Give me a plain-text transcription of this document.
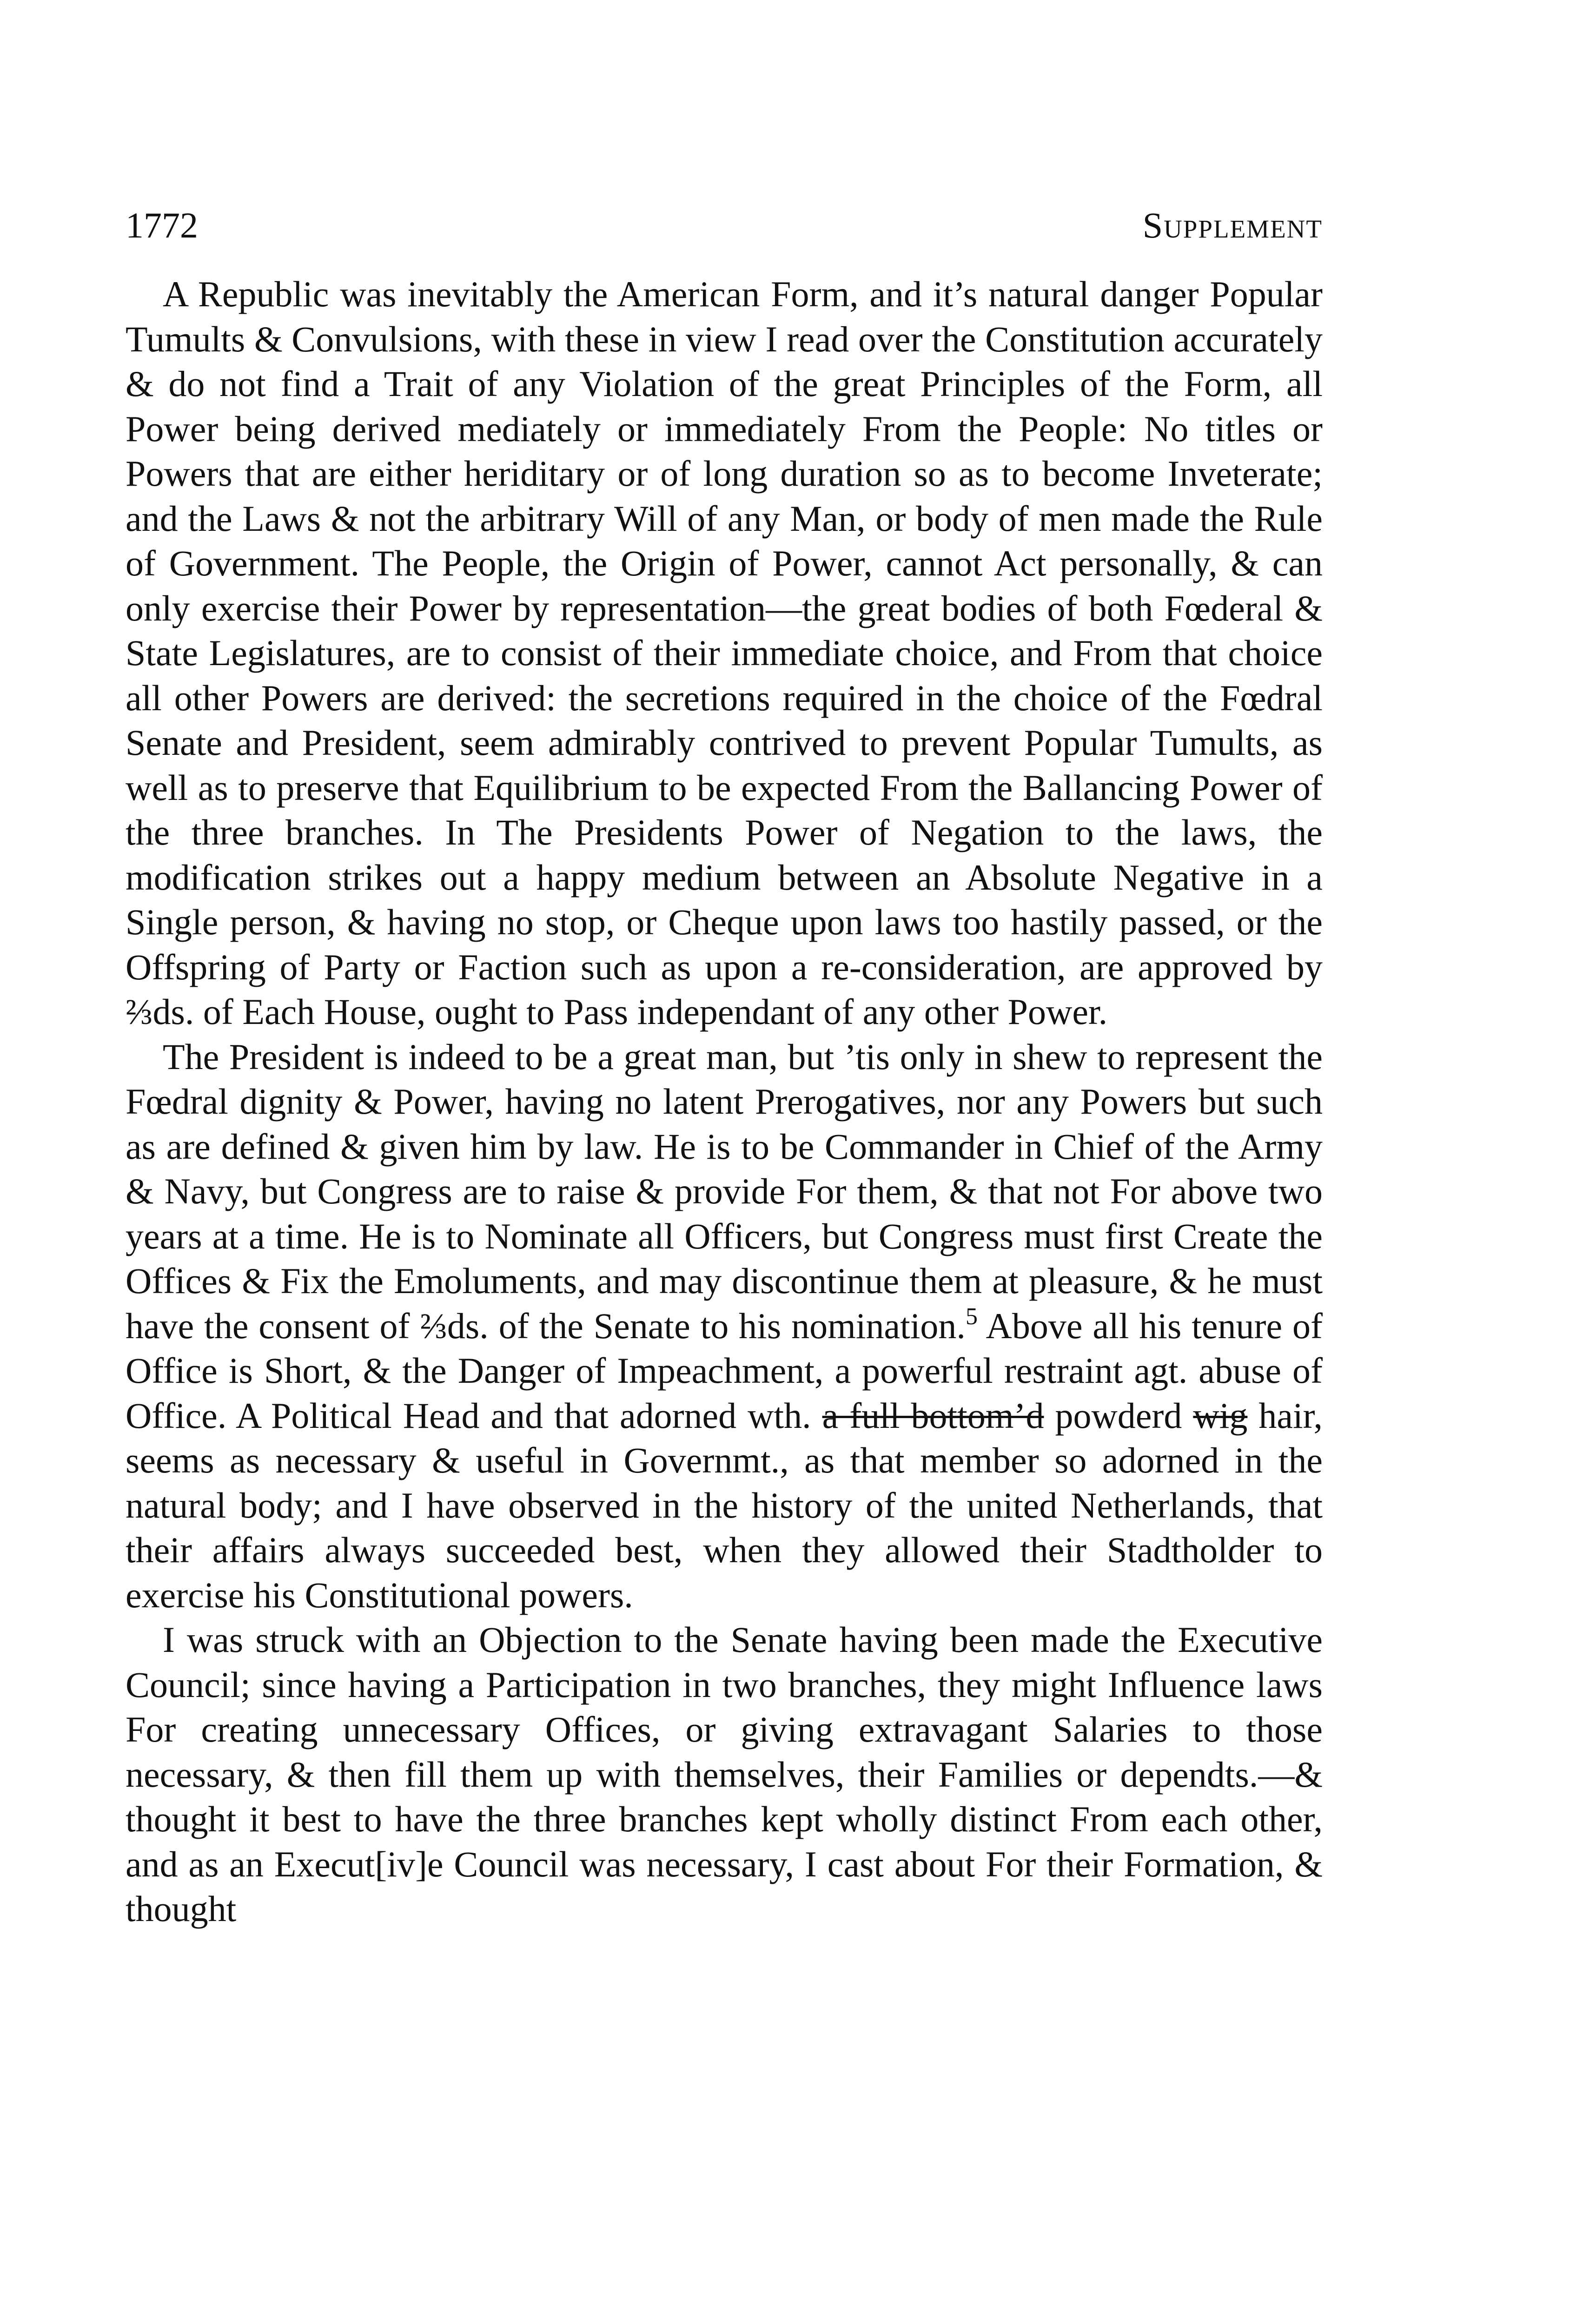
1772	Supplement

A Republic was inevitably the American Form, and it’s natural danger Popular Tumults & Convulsions, with these in view I read over the Constitution accurately & do not find a Trait of any Violation of the great Principles of the Form, all Power being derived mediately or immediately From the People: No titles or Powers that are either heriditary or of long duration so as to become Inveterate; and the Laws & not the arbitrary Will of any Man, or body of men made the Rule of Government. The People, the Origin of Power, cannot Act personally, & can only exercise their Power by representation—the great bodies of both Fœderal & State Legislatures, are to consist of their immediate choice, and From that choice all other Powers are derived: the secretions required in the choice of the Fœdral Senate and President, seem admirably contrived to prevent Popular Tumults, as well as to preserve that Equilibrium to be expected From the Ballancing Power of the three branches. In The Presidents Power of Negation to the laws, the modification strikes out a happy medium between an Absolute Negative in a Single person, & having no stop, or Cheque upon laws too hastily passed, or the Offspring of Party or Faction such as upon a re-consideration, are approved by ⅔ds. of Each House, ought to Pass independant of any other Power.

The President is indeed to be a great man, but ’tis only in shew to represent the Fœdral dignity & Power, having no latent Prerogatives, nor any Powers but such as are defined & given him by law. He is to be Commander in Chief of the Army & Navy, but Congress are to raise & provide For them, & that not For above two years at a time. He is to Nominate all Officers, but Congress must first Create the Offices & Fix the Emoluments, and may discontinue them at pleasure, & he must have the consent of ⅔ds. of the Senate to his nomination.$^5$ Above all his tenure of Office is Short, & the Danger of Impeachment, a powerful restraint agt. abuse of Office. A Political Head and that adorned wth. a full bottom’d powderd wig hair, seems as necessary & useful in Governmt., as that member so adorned in the natural body; and I have observed in the history of the united Netherlands, that their affairs always succeeded best, when they allowed their Stadtholder to exercise his Constitutional powers.

I was struck with an Objection to the Senate having been made the Executive Council; since having a Participation in two branches, they might Influence laws For creating unnecessary Offices, or giving extravagant Salaries to those necessary, & then fill them up with themselves, their Families or dependts.—& thought it best to have the three branches kept wholly distinct From each other, and as an Execut[iv]e Council was necessary, I cast about For their Formation, & thought
